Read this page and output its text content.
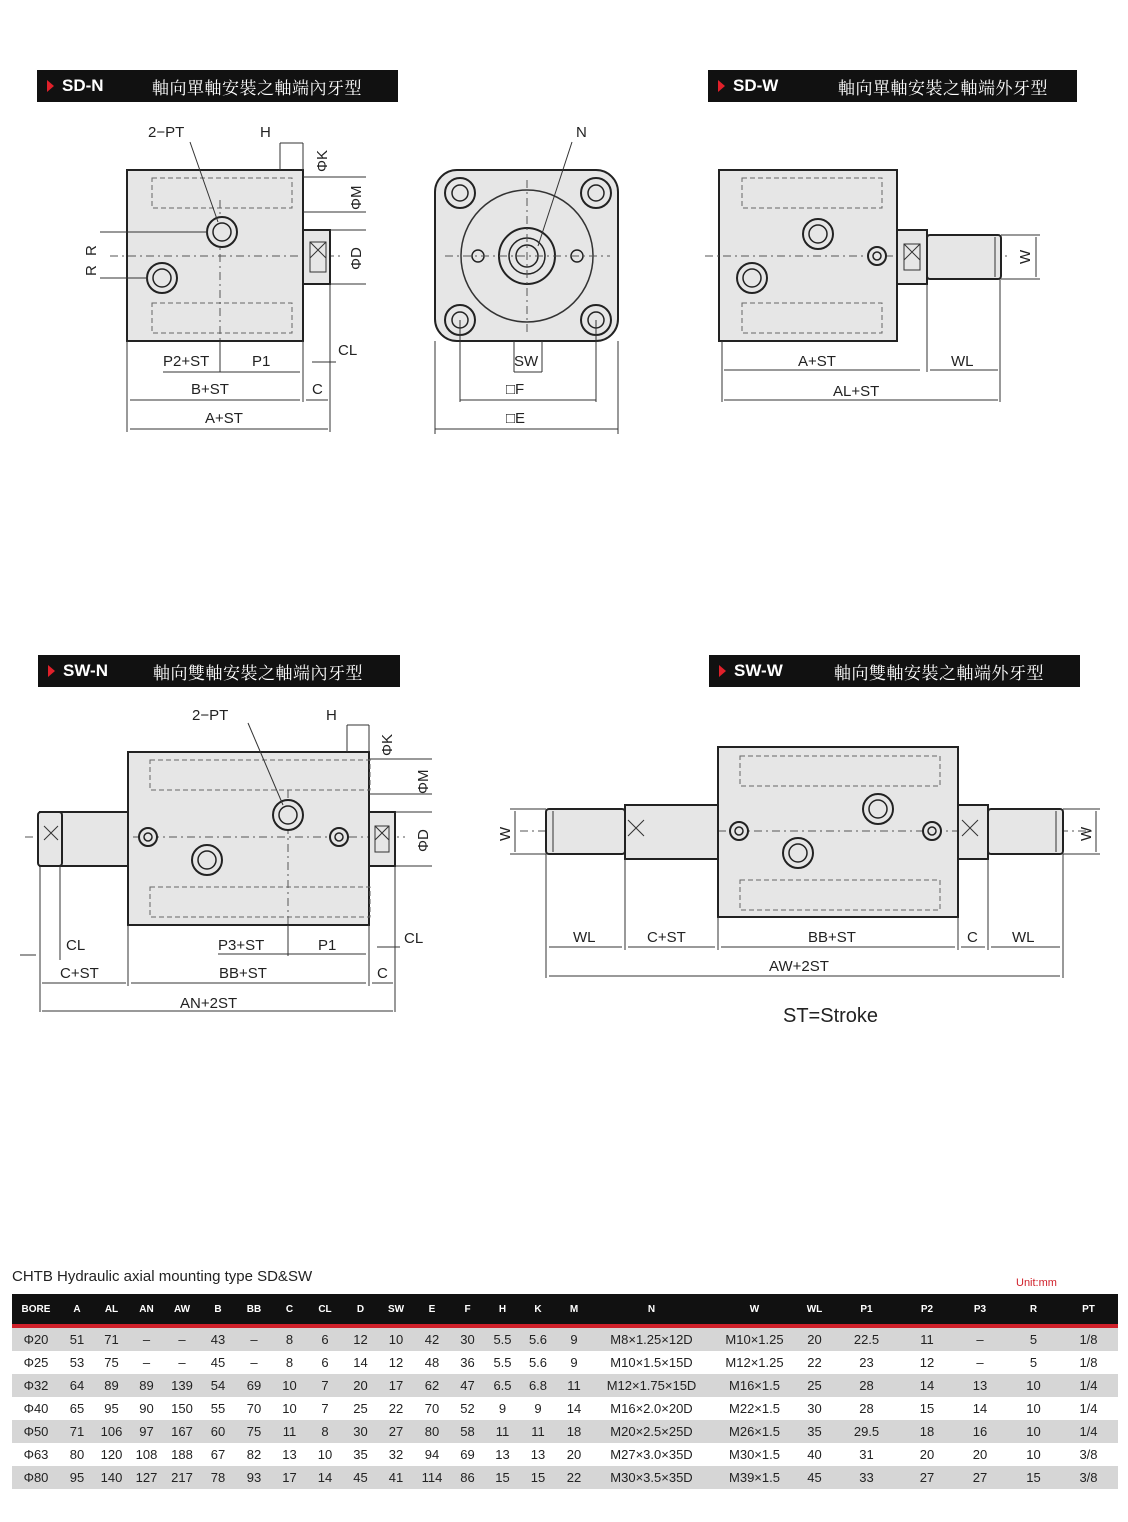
SD-N	軸向單軸安裝之軸端內牙型	SD-W	軸向單軸安裝之軸端外牙型
SW-N	軸向雙軸安裝之軸端內牙型	SW-W	軸向雙軸安裝之軸端外牙型
2−PT	H
ΦK
ΦM
ΦD
R
R
CL
P2+ST	P1
B+ST	C
A+ST
N
SW
□F
□E
W
A+ST	WL
AL+ST
2−PT	H
ΦK
ΦM
ΦD
CL	CL
P3+ST	P1
C+ST	BB+ST	C
AN+2ST
W	W
WL	C+ST	BB+ST	C WL
AW+2ST
ST=Stroke
CHTB Hydraulic axial mounting type SD&SW	Unit:mm
BORE	A	AL	AN	AW	B	BB	C	CL	D	SW	E	F	H	K	M	N	W	WL	P1	P2	P3	R	PT
Φ20	51	71	–	–	43	–	8	6	12	10	42	30	5.5	5.6	9	M8×1.25×12D	M10×1.25	20	22.5	11	–	5	1/8
Φ25	53	75	–	–	45	–	8	6	14	12	48	36	5.5	5.6	9	M10×1.5×15D	M12×1.25	22	23	12	–	5	1/8
Φ32	64	89	89	139	54	69	10	7	20	17	62	47	6.5	6.8	11	M12×1.75×15D	M16×1.5	25	28	14	13	10	1/4
Φ40	65	95	90	150	55	70	10	7	25	22	70	52	9	9	14	M16×2.0×20D	M22×1.5	30	28	15	14	10	1/4
Φ50	71	106	97	167	60	75	11	8	30	27	80	58	11	11	18	M20×2.5×25D	M26×1.5	35	29.5	18	16	10	1/4
Φ63	80	120	108	188	67	82	13	10	35	32	94	69	13	13	20	M27×3.0×35D	M30×1.5	40	31	20	20	10	3/8
Φ80	95	140	127	217	78	93	17	14	45	41	114	86	15	15	22	M30×3.5×35D	M39×1.5	45	33	27	27	15	3/8
